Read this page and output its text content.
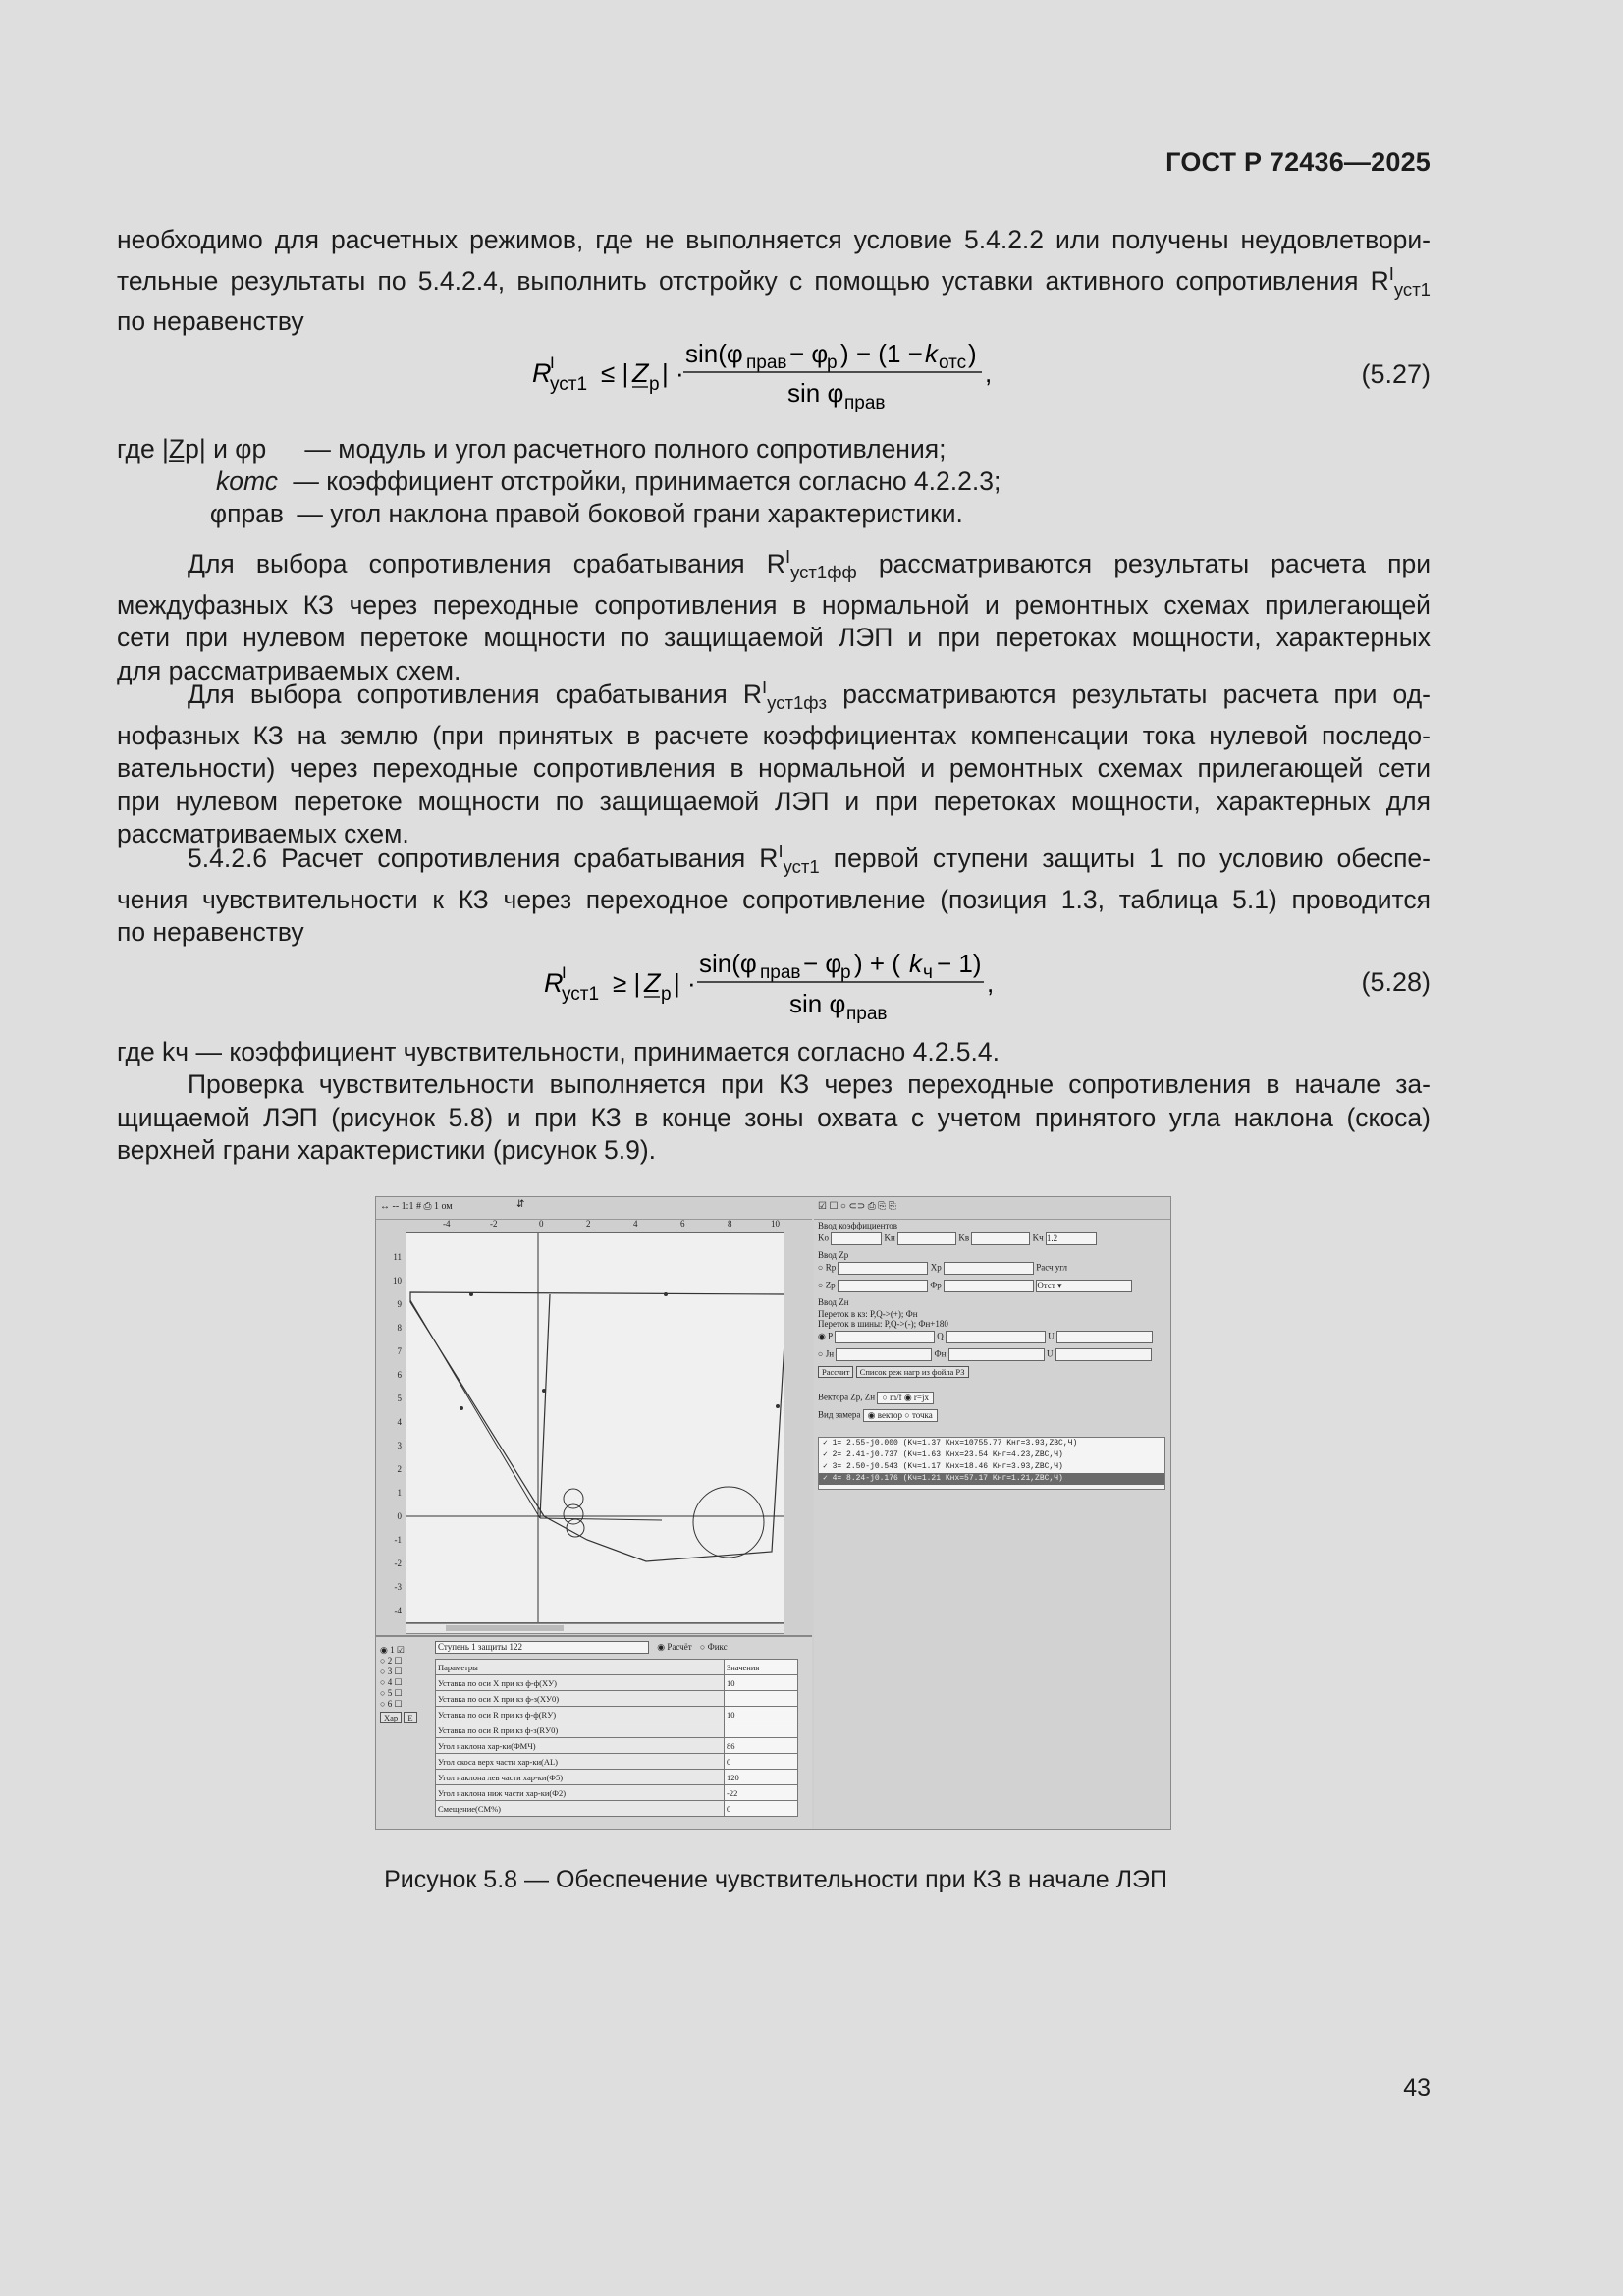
ГОСТ Р 72436—2025
необходимо для расчетных режимов, где не выполняется условие 5.4.2.2 или получены неудовлетвори-
тельные результаты по 5.4.2.4, выполнить отстройку с помощью уставки активного сопротивления $R^I_{уст1}$
по неравенству
R
I
уст1 ≤ | Z р | ·
sin(φ прав − φ
р ) − (1 − k отс )
sin φ прав
,	(5.27)
где |Z̲р| и φр — модуль и угол расчетного полного сопротивления;
kотс — коэффициент отстройки, принимается согласно 4.2.2.3;
φправ — угол наклона правой боковой грани характеристики.
Для выбора сопротивления срабатывания $R^I_{уст1фф}$ рассматриваются результаты расчета при
междуфазных КЗ через переходные сопротивления в нормальной и ремонтных схемах прилегающей
сети при нулевом перетоке мощности по защищаемой ЛЭП и при перетоках мощности, характерных
для рассматриваемых схем.
Для выбора сопротивления срабатывания $R^I_{уст1фз}$ рассматриваются результаты расчета при од-
нофазных КЗ на землю (при принятых в расчете коэффициентах компенсации тока нулевой последо-
вательности) через переходные сопротивления в нормальной и ремонтных схемах прилегающей сети
при нулевом перетоке мощности по защищаемой ЛЭП и при перетоках мощности, характерных для
рассматриваемых схем.
5.4.2.6 Расчет сопротивления срабатывания $R^I_{уст1}$ первой ступени защиты 1 по условию обеспе-
чения чувствительности к КЗ через переходное сопротивление (позиция 1.3, таблица 5.1) проводится
по неравенству
R
I
уст1 ≥ | Z р | ·
sin(φ прав − φ
р ) + ( k ч − 1)
sin φ прав
,	(5.28)
где kч — коэффициент чувствительности, принимается согласно 4.2.5.4.
Проверка чувствительности выполняется при КЗ через переходные сопротивления в начале за-
щищаемой ЛЭП (рисунок 5.8) и при КЗ в конце зоны охвата с учетом принятого угла наклона (скоса)
верхней грани характеристики (рисунок 5.9).
↔ -- 1:1 # ⎙ 1 ом	⇵
-4	-2	0	2	4	6	8	10
11
10
9
8
7
6
5
4
3
2
1
0
-1
-2
-3
-4
Ступень 1 защиты 122	◉ Расчёт ○ Фикс
◉ 1 ☑
○ 2 ☐
○ 3 ☐
○ 4 ☐
○ 5 ☐
○ 6 ☐
Хар Е
Параметры	Значения
Уставка по оси X при кз ф-ф(XУ)	10
Уставка по оси X при кз ф-з(XУ0)	
Уставка по оси R при кз ф-ф(RУ)	10
Уставка по оси R при кз ф-з(RУ0)	
Угол наклона хар-ки(ФМЧ)	86
Угол скоса верх части хар-ки(AL)	0
Угол наклона лев части хар-ки(Ф5)	120
Угол наклона ниж части хар-ки(Ф2)	-22
Смещение(СМ%)	0
☑ ☐ ○ ⊂⊃ ⎙ ⎘ ⎘
Ввод коэффициентов
Ko	Kн	Kв	Kч 1.2
Ввод Zp
○ Rp	Xp	Расч угл
○ Zp	Фр	Отст ▾
Ввод Zн
Переток в кз: P,Q->(+); Фн
Переток в шины: P,Q->(-); Фн+180
◉ P	Q	U
○ Jн	Фн	U
Рассчит Список реж нагр из фойла РЗ
Вектора Zp, Zн ○ m/f ◉ r=jx
Вид замера ◉ вектор ○ точка
✓ 1= 2.55-j0.000 (Kч=1.37 Kнх=10755.77 Kнг=3.93,ZBC,Ч)
✓ 2= 2.41-j0.737 (Kч=1.63 Kнх=23.54 Kнг=4.23,ZBC,Ч)
✓ 3= 2.50-j0.543 (Kч=1.17 Kнх=18.46 Kнг=3.93,ZBC,Ч)
✓ 4= 8.24-j0.176 (Kч=1.21 Kнх=57.17 Kнг=1.21,ZBC,Ч)
Рисунок 5.8 — Обеспечение чувствительности при КЗ в начале ЛЭП
43
